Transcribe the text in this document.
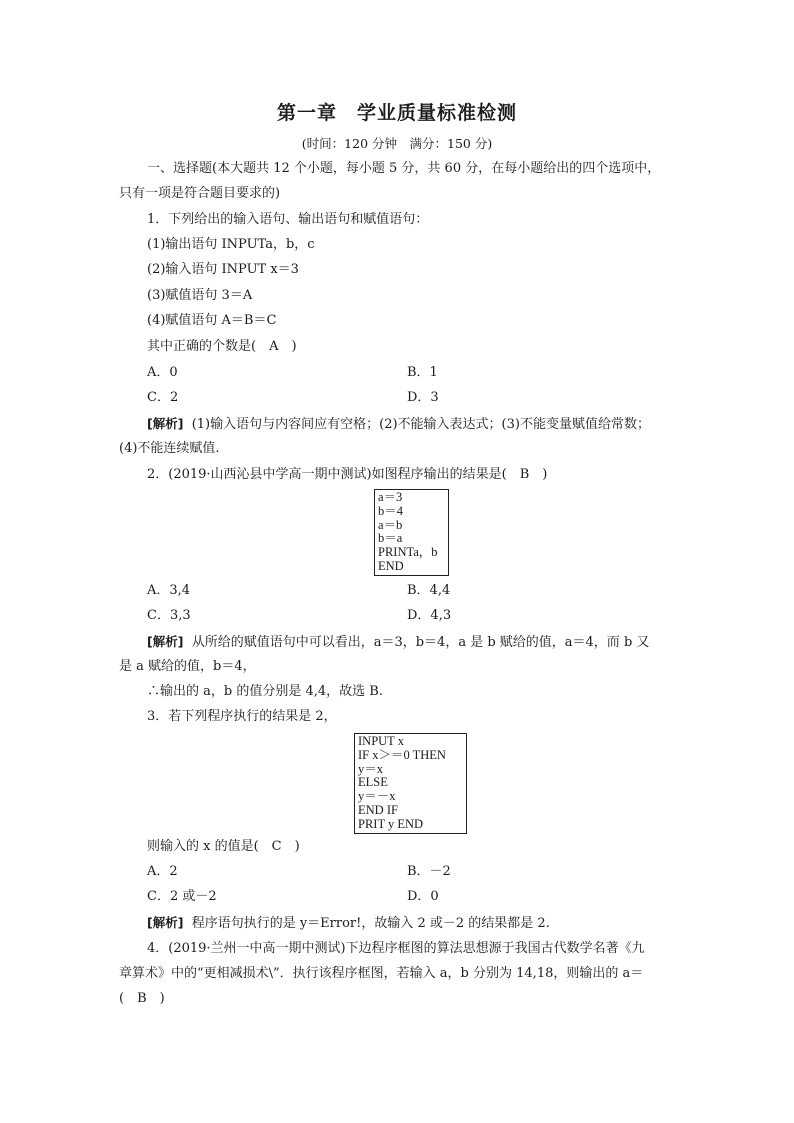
第一章　学业质量标准检测
(时间：120 分钟　满分：150 分)
一、选择题(本大题共 12 个小题，每小题 5 分，共 60 分，在每小题给出的四个选项中，
只有一项是符合题目要求的)
1．下列给出的输入语句、输出语句和赋值语句：
(1)输出语句 INPUTa，b，c
(2)输入语句 INPUT x＝3
(3)赋值语句 3＝A
(4)赋值语句 A＝B＝C
其中正确的个数是(　A　)
A．0	B．1
C．2	D．3
[解析] (1)输入语句与内容间应有空格；(2)不能输入表达式；(3)不能变量赋值给常数；
(4)不能连续赋值.
2．(2019·山西沁县中学高一期中测试)如图程序输出的结果是(　B　)
a＝3
b＝4
a＝b
b＝a
PRINTa，b
END
A．3,4	B．4,4
C．3,3	D．4,3
[解析] 从所给的赋值语句中可以看出，a＝3，b＝4，a 是 b 赋给的值，a＝4，而 b 又
是 a 赋给的值，b＝4，
∴输出的 a，b 的值分别是 4,4，故选 B.
3．若下列程序执行的结果是 2，
INPUT x
IF x＞＝0 THEN
y＝x
ELSE
y＝－x
END IF
PRIT y END
则输入的 x 的值是(　C　)
A．2	B．－2
C．2 或－2	D．0
[解析] 程序语句执行的是 y＝Error!，故输入 2 或－2 的结果都是 2.
4．(2019·兰州一中高一期中测试)下边程序框图的算法思想源于我国古代数学名著《九
章算术》中的“更相减损术\”．执行该程序框图，若输入 a，b 分别为 14,18，则输出的 a＝
(　B　)
